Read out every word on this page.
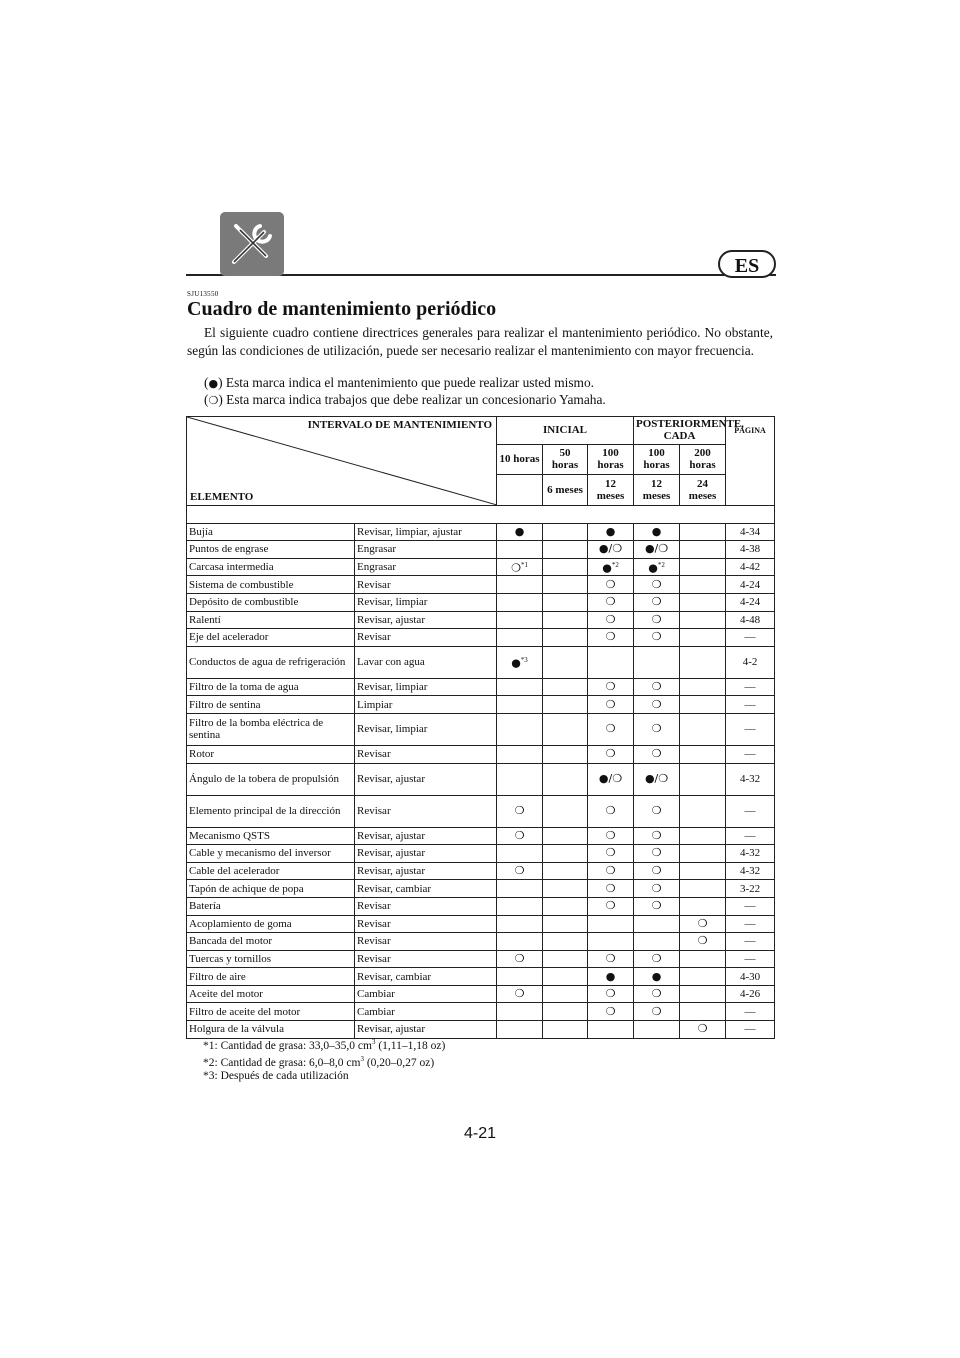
ES
SJU13550
Cuadro de mantenimiento periódico

El siguiente cuadro contiene directrices generales para realizar el mantenimiento periódico. No obstante, según las condiciones de utilización, puede ser necesario realizar el mantenimiento con mayor frecuencia.

(●) Esta marca indica el mantenimiento que puede realizar usted mismo.

(❍) Esta marca indica trabajos que debe realizar un concesionario Yamaha.

INTERVALO DE MANTENIMIENTO
ELEMENTO		INICIAL			POSTERIORMENTE, CADA		PÁGINA
		10 horas	50 horas	100 horas	100 horas	200 horas	
			6 meses	12 meses	12 meses	24 meses	

Bujía	Revisar, limpiar, ajustar	●		●	●		4-34
Puntos de engrase	Engrasar			●/❍	●/❍		4-38
Carcasa intermedia	Engrasar	❍$^{*1}$		●$^{*2}$	●$^{*2}$		4-42
Sistema de combustible	Revisar			❍	❍		4-24
Depósito de combustible	Revisar, limpiar			❍	❍		4-24
Ralentí	Revisar, ajustar			❍	❍		4-48
Eje del acelerador	Revisar			❍	❍		—
Conductos de agua de refrigeración	Lavar con agua	●$^{*3}$					4-2
Filtro de la toma de agua	Revisar, limpiar			❍	❍		—
Filtro de sentina	Limpiar			❍	❍		—
Filtro de la bomba eléctrica de sentina	Revisar, limpiar			❍	❍		—
Rotor	Revisar			❍	❍		—
Ángulo de la tobera de propulsión	Revisar, ajustar			●/❍	●/❍		4-32
Elemento principal de la dirección	Revisar	❍		❍	❍		—
Mecanismo QSTS	Revisar, ajustar	❍		❍	❍		—
Cable y mecanismo del inversor	Revisar, ajustar			❍	❍		4-32
Cable del acelerador	Revisar, ajustar	❍		❍	❍		4-32
Tapón de achique de popa	Revisar, cambiar			❍	❍		3-22
Batería	Revisar			❍	❍		—
Acoplamiento de goma	Revisar					❍	—
Bancada del motor	Revisar					❍	—
Tuercas y tornillos	Revisar	❍		❍	❍		—
Filtro de aire	Revisar, cambiar			●	●		4-30
Aceite del motor	Cambiar	❍		❍	❍		4-26
Filtro de aceite del motor	Cambiar			❍	❍		—
Holgura de la válvula	Revisar, ajustar					❍	—
*1: Cantidad de grasa: 33,0–35,0 $cm^3$ (1,11–1,18 oz)
*2: Cantidad de grasa: 6,0–8,0 $cm^3$ (0,20–0,27 oz)
*3: Después de cada utilización
4-21
